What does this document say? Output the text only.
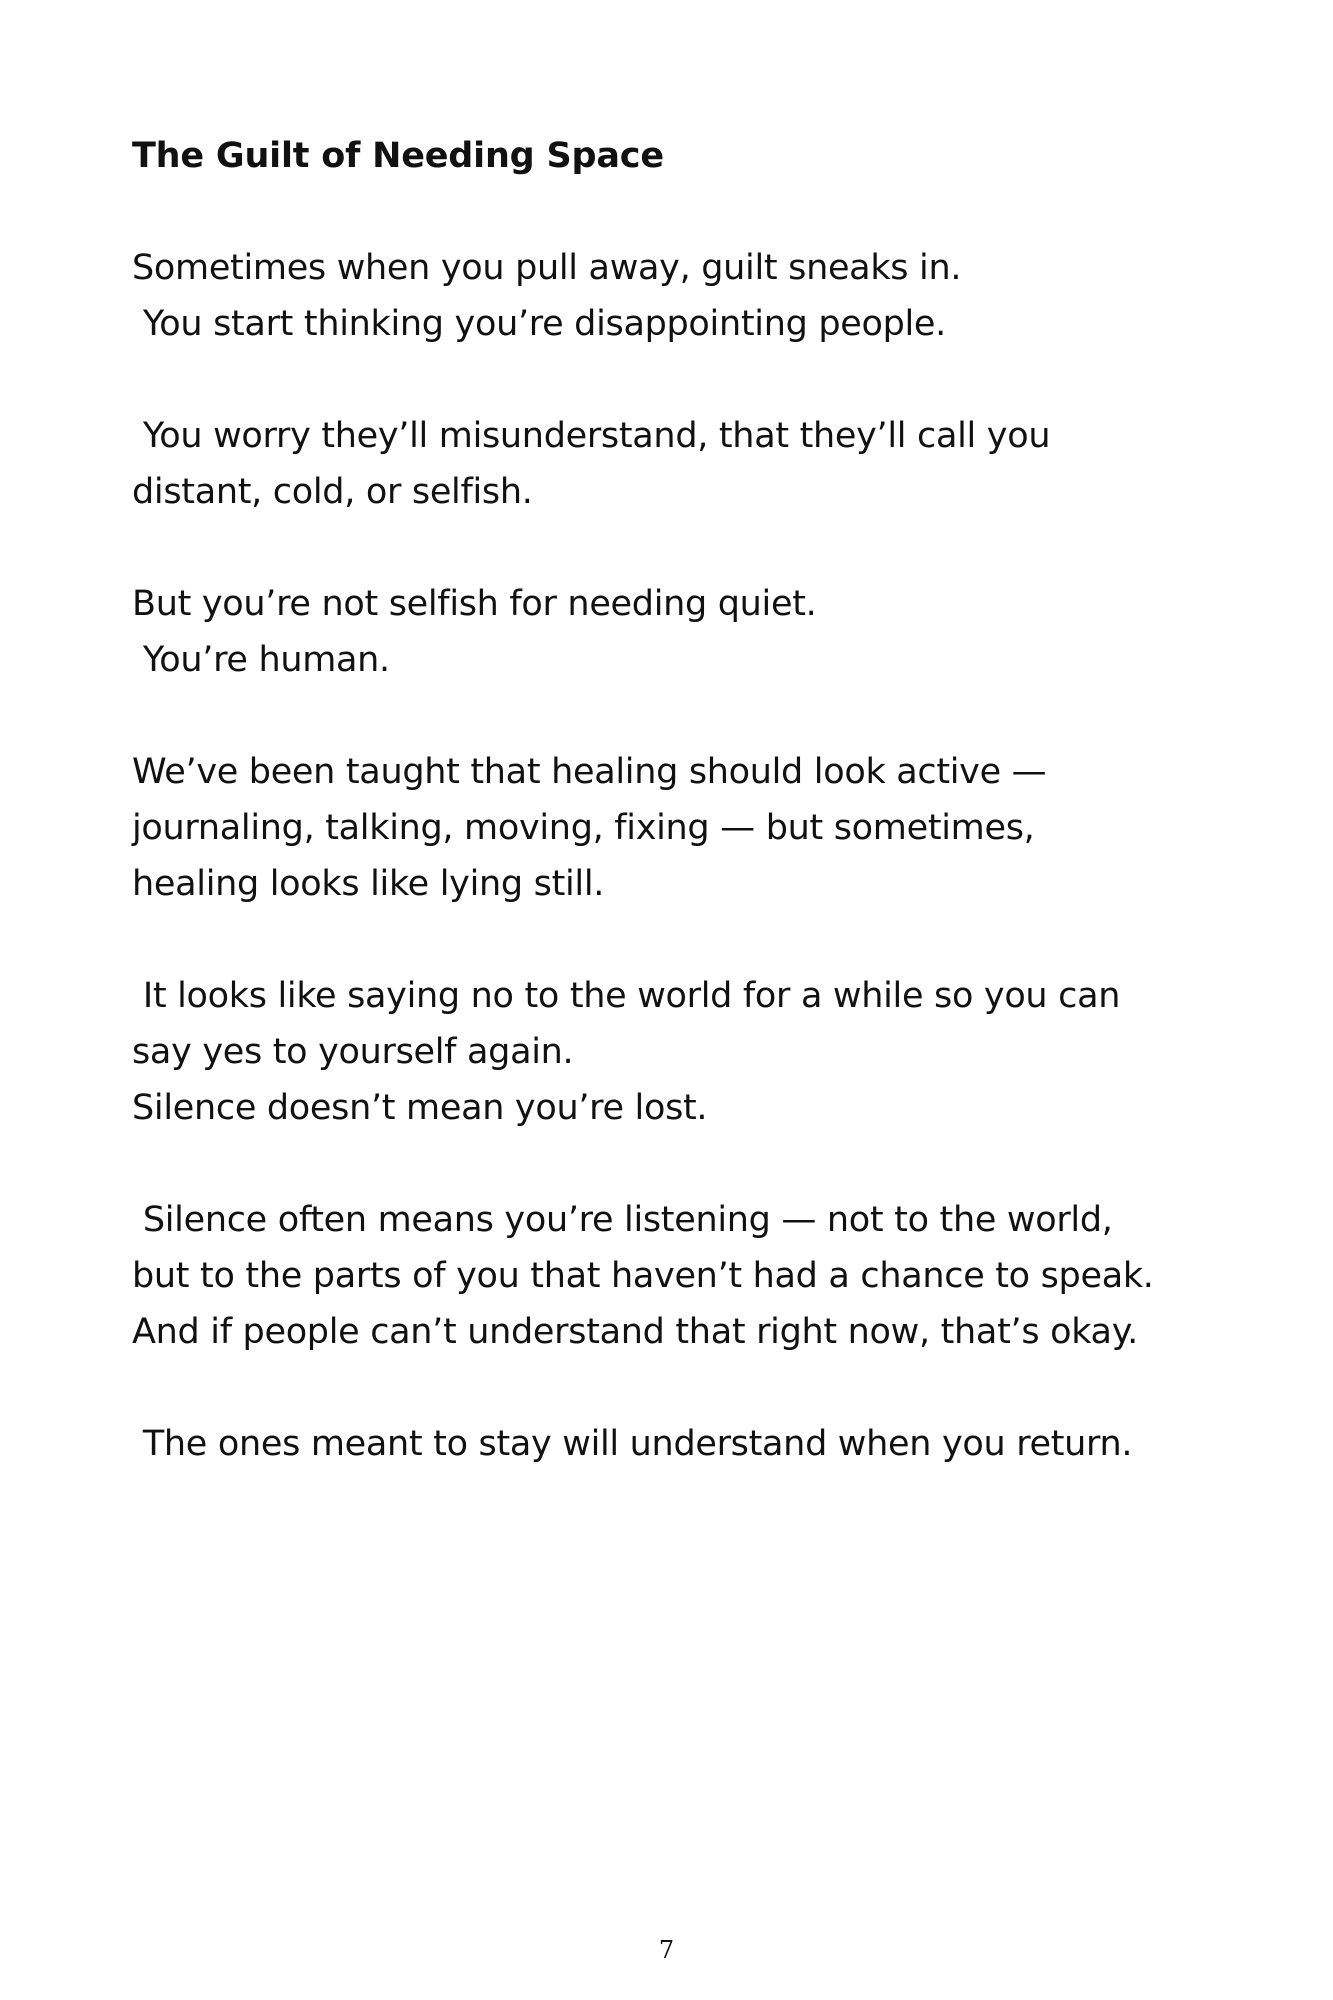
The Guilt of Needing Space
Sometimes when you pull away, guilt sneaks in.
You start thinking you’re disappointing people.
You worry they’ll misunderstand, that they’ll call you
distant, cold, or selfish.
But you’re not selfish for needing quiet.
You’re human.
We’ve been taught that healing should look active —
journaling, talking, moving, fixing — but sometimes,
healing looks like lying still.
It looks like saying no to the world for a while so you can
say yes to yourself again.
Silence doesn’t mean you’re lost.
Silence often means you’re listening — not to the world,
but to the parts of you that haven’t had a chance to speak.
And if people can’t understand that right now, that’s okay.
The ones meant to stay will understand when you return.
7
